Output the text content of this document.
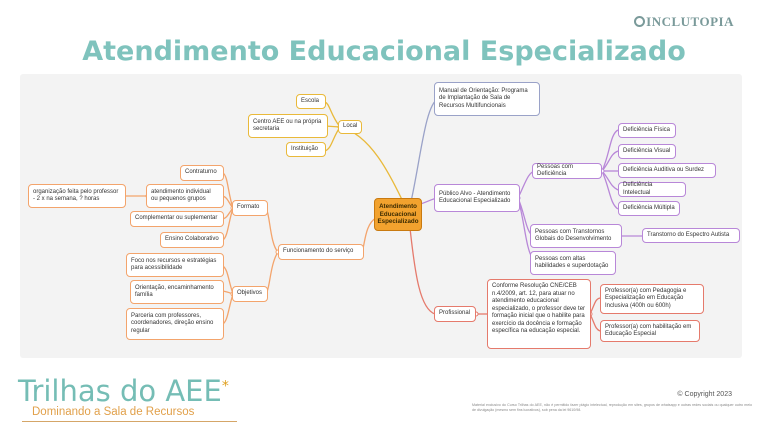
INCLUTOPIA
Atendimento Educacional Especializado
Atendimento Educacional Especializado
Escola
Centro AEE ou na própria secretaria
Instituição
Local
Manual de Orientação: Programa de Implantação de Sala de Recursos Multifuncionais
Público Alvo - Atendimento Educacional Especializado
Pessoas com Deficiência
Deficiência Física
Deficiência Visual
Deficiência Auditiva ou Surdez
Deficiência Intelectual
Deficiência Múltipla
Pessoas com Transtornos Globais do Desenvolvimento
Transtorno do Espectro Autista
Pessoas com altas habilidades e superdotação
Profissional
Conforme Resolução CNE/CEB n.4/2009, art. 12, para atuar no atendimento educacional especializado, o professor deve ter formação inicial que o habilite para exercício da docência e formação específica na educação especial.
Professor(a) com Pedagogia e Especialização em Educação Inclusiva (400h ou 600h)
Professor(a) com habilitação em Educação Especial
Funcionamento do serviço
Formato
Contraturno
atendimento individual ou pequenos grupos
organização feita pelo professor - 2 x na semana, ? horas
Complementar ou suplementar
Ensino Colaborativo
Objetivos
Foco nos recursos e estratégias para acessibilidade
Orientação, encaminhamento família
Parceria com professores, coordenadores, direção ensino regular
Trilhas do AEE*
Dominando a Sala de Recursos
© Copyright 2023
Material exclusivo do Curso Trilhas do AEE, não é permitido fazer plágio intelectual, reprodução em sites, grupos de whatsapp e outras redes sociais ou qualquer outro meio de divulgação (mesmo sem fins lucrativos), sob pena da lei 9610/98.
